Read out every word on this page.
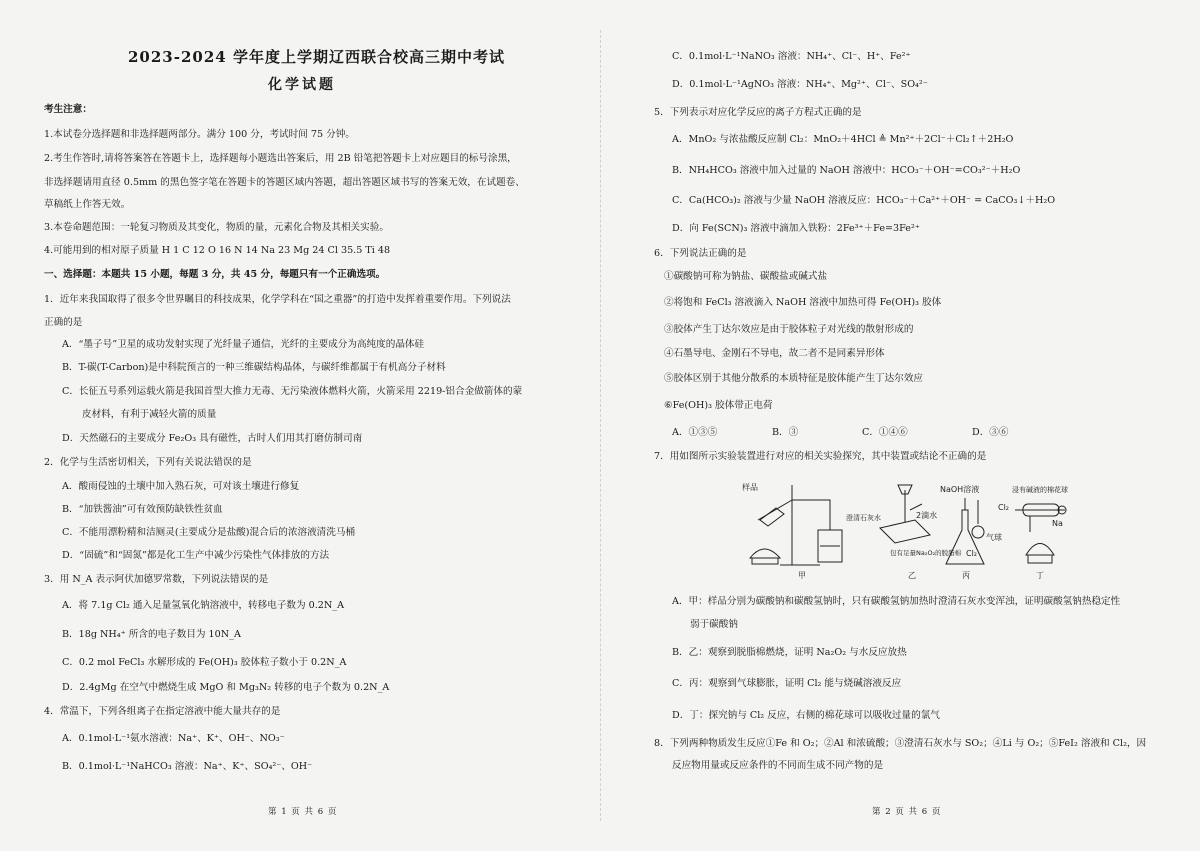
2023-2024 学年度上学期辽西联合校高三期中考试
化学试题
考生注意：
1.本试卷分选择题和非选择题两部分。满分 100 分，考试时间 75 分钟。
2.考生作答时,请将答案答在答题卡上，选择题每小题选出答案后，用 2B 铅笔把答题卡上对应题目的标号涂黑，
非选择题请用直径 0.5mm 的黑色签字笔在答题卡的答题区域内答题，超出答题区域书写的答案无效，在试题卷、
草稿纸上作答无效。
3.本卷命题范围：一轮复习物质及其变化，物质的量，元素化合物及其相关实验。
4.可能用到的相对原子质量 H 1 C 12 O 16 N 14 Na 23 Mg 24 Cl 35.5 Ti 48
一、选择题：本题共 15 小题，每题 3 分，共 45 分，每题只有一个正确选项。
1．近年来我国取得了很多令世界瞩目的科技成果，化学学科在“国之重器”的打造中发挥着重要作用。下列说法
正确的是
A．“墨子号”卫星的成功发射实现了光纤量子通信，光纤的主要成分为高纯度的晶体硅
B．T-碳(T-Carbon)是中科院预言的一种三维碳结构晶体，与碳纤维都属于有机高分子材料
C．长征五号系列运载火箭是我国首型大推力无毒、无污染液体燃料火箭，火箭采用 2219-铝合金做箭体的蒙
皮材料，有利于减轻火箭的质量
D．天然磁石的主要成分 Fe₂O₃ 具有磁性，古时人们用其打磨仿制司南
2．化学与生活密切相关，下列有关说法错误的是
A．酸雨侵蚀的土壤中加入熟石灰，可对该土壤进行修复
B．“加铁酱油”可有效预防缺铁性贫血
C．不能用漂粉精和洁厕灵(主要成分是盐酸)混合后的浓溶液清洗马桶
D．“固硫”和“固氮”都是化工生产中减少污染性气体排放的方法
3．用 N_A 表示阿伏加德罗常数，下列说法错误的是
A．将 7.1g Cl₂ 通入足量氢氧化钠溶液中，转移电子数为 0.2N_A
B．18g NH₄⁺ 所含的电子数目为 10N_A
C．0.2 mol FeCl₃ 水解形成的 Fe(OH)₃ 胶体粒子数小于 0.2N_A
D．2.4gMg 在空气中燃烧生成 MgO 和 Mg₃N₂ 转移的电子个数为 0.2N_A
4．常温下，下列各组离子在指定溶液中能大量共存的是
A．0.1mol·L⁻¹氨水溶液：Na⁺、K⁺、OH⁻、NO₃⁻
B．0.1mol·L⁻¹NaHCO₃ 溶液：Na⁺、K⁺、SO₄²⁻、OH⁻
第 1 页 共 6 页
C．0.1mol·L⁻¹NaNO₃ 溶液：NH₄⁺、Cl⁻、H⁺、Fe²⁺
D．0.1mol·L⁻¹AgNO₃ 溶液：NH₄⁺、Mg²⁺、Cl⁻、SO₄²⁻
5．下列表示对应化学反应的离子方程式正确的是
A．MnO₂ 与浓盐酸反应制 Cl₂：MnO₂＋4HCl ≜ Mn²⁺＋2Cl⁻＋Cl₂↑＋2H₂O
B．NH₄HCO₃ 溶液中加入过量的 NaOH 溶液中：HCO₃⁻＋OH⁻=CO₃²⁻＋H₂O
C．Ca(HCO₃)₂ 溶液与少量 NaOH 溶液反应：HCO₃⁻＋Ca²⁺＋OH⁻ = CaCO₃↓＋H₂O
D．向 Fe(SCN)₃ 溶液中滴加入铁粉：2Fe³⁺＋Fe=3Fe²⁺
6．下列说法正确的是
①碳酸钠可称为钠盐、碳酸盐或碱式盐
②将饱和 FeCl₃ 溶液滴入 NaOH 溶液中加热可得 Fe(OH)₃ 胶体
③胶体产生丁达尔效应是由于胶体粒子对光线的散射形成的
④石墨导电、金刚石不导电，故二者不是同素异形体
⑤胶体区别于其他分散系的本质特征是胶体能产生丁达尔效应
⑥Fe(OH)₃ 胶体带正电荷
A．①③⑤	B．③	C．①④⑥	D．③⑥
7．用如图所示实验装置进行对应的相关实验探究，其中装置或结论不正确的是
A．甲：样品分别为碳酸钠和碳酸氢钠时，只有碳酸氢钠加热时澄清石灰水变浑浊，证明碳酸氢钠热稳定性
弱于碳酸钠
B．乙：观察到脱脂棉燃烧，证明 Na₂O₂ 与水反应放热
C．丙：观察到气球膨胀，证明 Cl₂ 能与烧碱溶液反应
D．丁：探究钠与 Cl₂ 反应，右侧的棉花球可以吸收过量的氯气
8．下列两种物质发生反应①Fe 和 O₂；②Al 和浓硫酸；③澄清石灰水与 SO₂；④Li 与 O₂；⑤FeI₂ 溶液和 Cl₂，因
反应物用量或反应条件的不同而生成不同产物的是
第 2 页 共 6 页
样品
澄清石灰水	2滴水
包有足量Na₂O₂的脱脂棉
NaOH溶液
Cl₂
气球
Cl₂
浸有碱液的棉花球
Na
甲	乙	丙	丁
